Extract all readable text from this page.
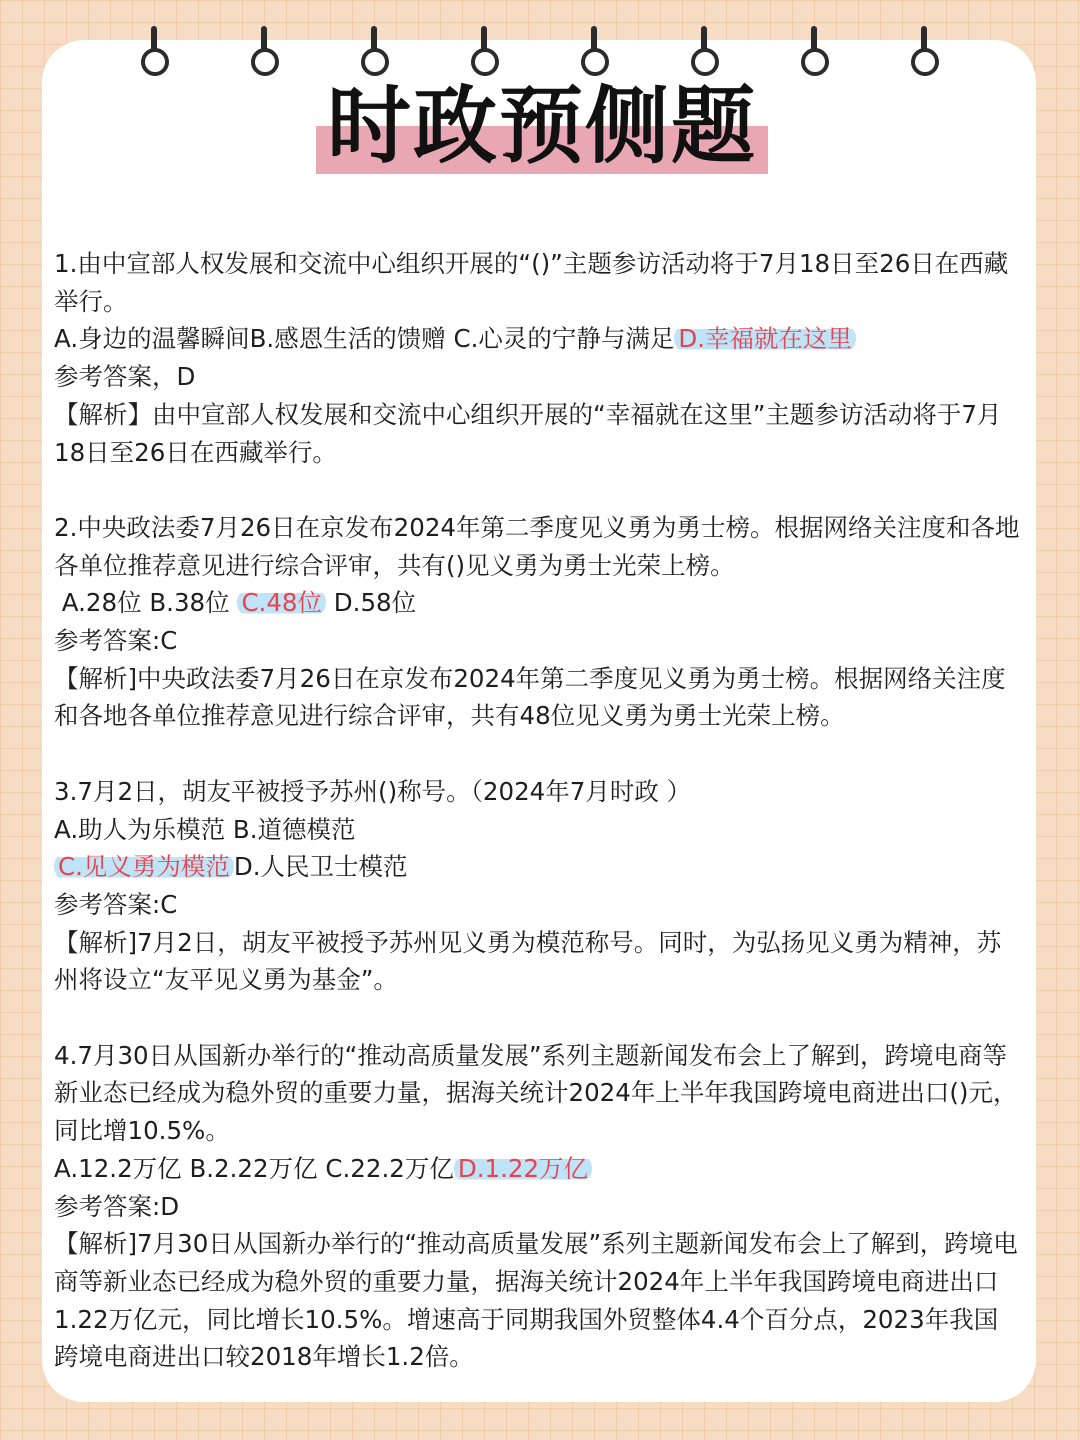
时政预侧题
1.由中宣部人权发展和交流中心组织开展的“()”主题参访活动将于7月18日至26日在西藏举行。
A.身边的温馨瞬间B.感恩生活的馈赠 C.心灵的宁静与满足 D.幸福就在这里
参考答案，D
【解析】由中宣部人权发展和交流中心组织开展的“幸福就在这里”主题参访活动将于7月18日至26日在西藏举行。
2.中央政法委7月26日在京发布2024年第二季度见义勇为勇士榜。根据网络关注度和各地各单位推荐意见进行综合评审，共有()见义勇为勇士光荣上榜。
A.28位 B.38位 C.48位 D.58位
参考答案:C
【解析]中央政法委7月26日在京发布2024年第二季度见义勇为勇士榜。根据网络关注度和各地各单位推荐意见进行综合评审，共有48位见义勇为勇士光荣上榜。
3.7月2日，胡友平被授予苏州()称号。（2024年7月时政 ）
A.助人为乐模范 B.道德模范
C.见义勇为模范 D.人民卫士模范
参考答案:C
【解析]7月2日，胡友平被授予苏州见义勇为模范称号。同时，为弘扬见义勇为精神，苏州将设立“友平见义勇为基金”。
4.7月30日从国新办举行的“推动高质量发展”系列主题新闻发布会上了解到，跨境电商等新业态已经成为稳外贸的重要力量，据海关统计2024年上半年我国跨境电商进出口()元，同比增10.5%。
A.12.2万亿 B.2.22万亿 C.22.2万亿 D.1.22万亿
参考答案:D
【解析]7月30日从国新办举行的“推动高质量发展”系列主题新闻发布会上了解到，跨境电商等新业态已经成为稳外贸的重要力量，据海关统计2024年上半年我国跨境电商进出口1.22万亿元，同比增长10.5%。增速高于同期我国外贸整体4.4个百分点，2023年我国跨境电商进出口较2018年增长1.2倍。
